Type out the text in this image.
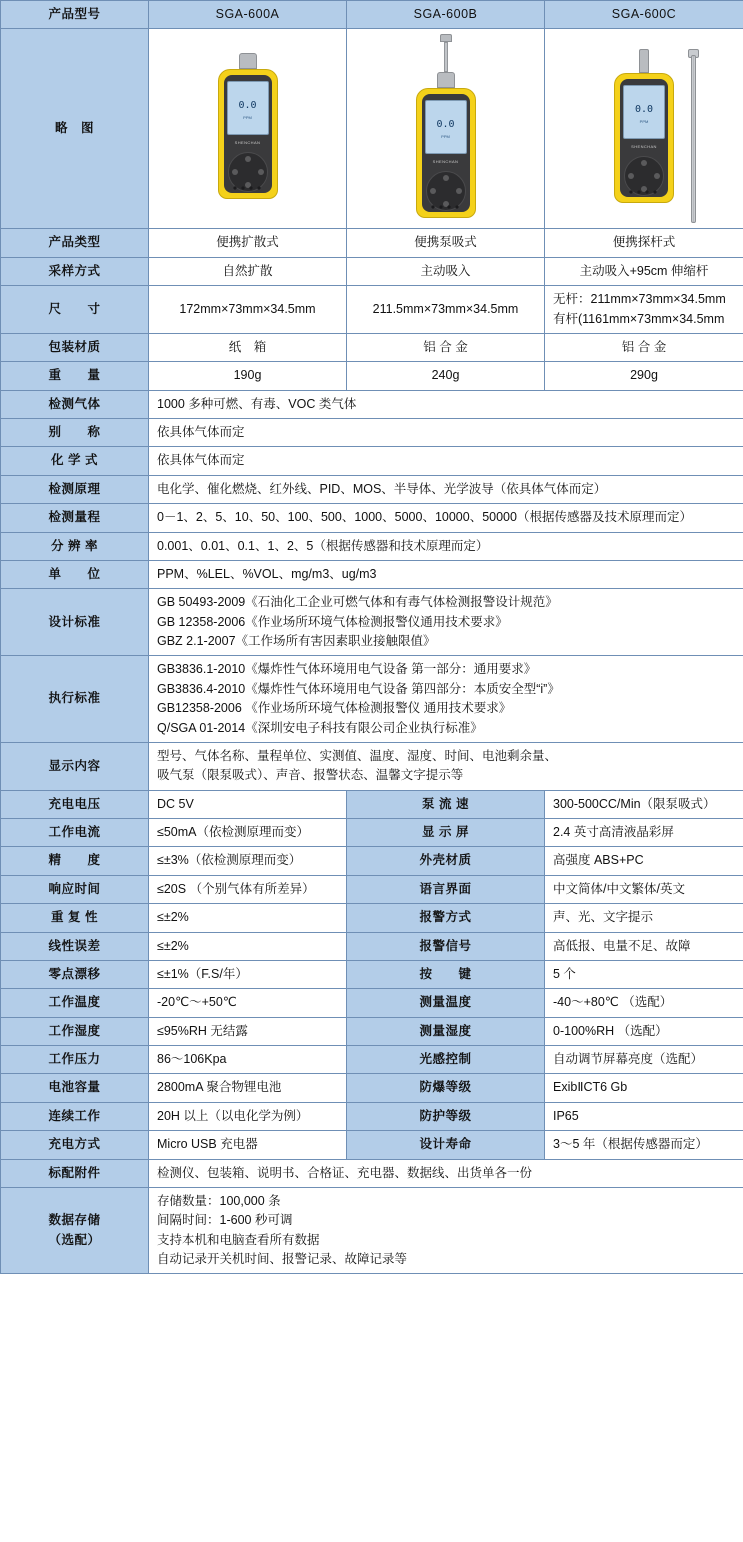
产品型号	SGA-600A	SGA-600B	SGA-600C
略　图	
0.0
PPM
SHENCHAN

0.0
PPM
SHENCHAN

0.0
PPM
SHENCHAN

产品类型	便携扩散式	便携泵吸式	便携探杆式
采样方式	自然扩散	主动吸入	主动吸入+95cm 伸缩杆
尺　　寸	172mm×73mm×34.5mm	211.5mm×73mm×34.5mm	无杆：211mm×73mm×34.5mm
有杆(1161mm×73mm×34.5mm

包装材质	纸　箱	铝 合 金	铝 合 金
重　　量	190g	240g	290g
检测气体	1000 多种可燃、有毒、VOC 类气体		
别　　称	依具体气体而定		
化 学 式	依具体气体而定		
检测原理	电化学、催化燃烧、红外线、PID、MOS、半导体、光学波导（依具体气体而定）		
检测量程	0－1、2、5、10、50、100、500、1000、5000、10000、50000（根据传感器及技术原理而定）		
分 辨 率	0.001、0.01、0.1、1、2、5（根据传感器和技术原理而定）		
单　　位	PPM、%LEL、%VOL、mg/m3、ug/m3		
设计标准	GB 50493-2009《石油化工企业可燃气体和有毒气体检测报警设计规范》
GB 12358-2006《作业场所环境气体检测报警仪通用技术要求》
GBZ 2.1-2007《工作场所有害因素职业接触限值》		

执行标准	GB3836.1-2010《爆炸性气体环境用电气设备 第一部分：通用要求》
GB3836.4-2010《爆炸性气体环境用电气设备 第四部分：本质安全型“i”》
GB12358-2006 《作业场所环境气体检测报警仪 通用技术要求》
Q/SGA 01-2014《深圳安电子科技有限公司企业执行标准》		

显示内容	型号、气体名称、量程单位、实测值、温度、湿度、时间、电池剩余量、
吸气泵（限泵吸式）、声音、报警状态、温馨文字提示等		

充电电压	DC 5V	泵 流 速	300-500CC/Min（限泵吸式）
工作电流	≤50mA（依检测原理而变）	显 示 屏	2.4 英寸高清液晶彩屏
精　　度	≤±3%（依检测原理而变）	外壳材质	高强度 ABS+PC
响应时间	≤20S （个别气体有所差异）	语言界面	中文简体/中文繁体/英文
重 复 性	≤±2%	报警方式	声、光、文字提示
线性误差	≤±2%	报警信号	高低报、电量不足、故障
零点漂移	≤±1%（F.S/年）	按　　键	5 个
工作温度	-20℃～+50℃	测量温度	-40～+80℃ （选配）
工作湿度	≤95%RH 无结露	测量湿度	0-100%RH （选配）
工作压力	86～106Kpa	光感控制	自动调节屏幕亮度（选配）
电池容量	2800mA 聚合物锂电池	防爆等级	ExibⅡCT6 Gb
连续工作	20H 以上（以电化学为例）	防护等级	IP65
充电方式	Micro USB 充电器	设计寿命	3～5 年（根据传感器而定）
标配附件	检测仪、包装箱、说明书、合格证、充电器、数据线、出货单各一份		

数据存储
（选配）	存储数量：100,000 条
间隔时间：1-600 秒可调
支持本机和电脑查看所有数据
自动记录开关机时间、报警记录、故障记录等		
